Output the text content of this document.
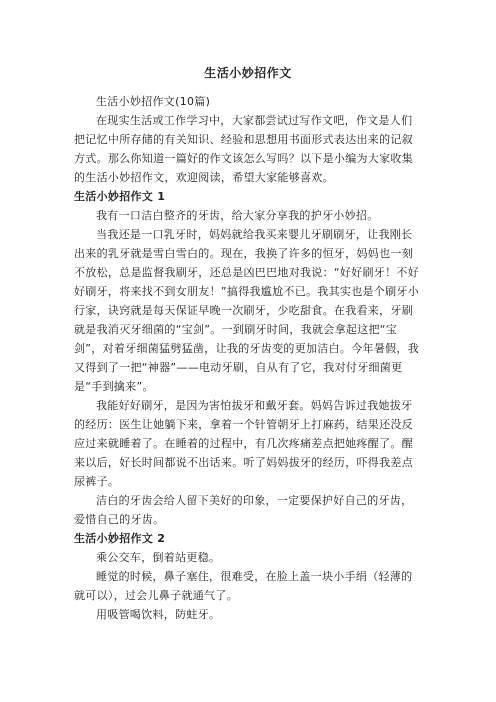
生活小妙招作文

生活小妙招作文(10篇)

在现实生活或工作学习中，大家都尝试过写作文吧，作文是人们把记忆中所存储的有关知识、经验和思想用书面形式表达出来的记叙方式。那么你知道一篇好的作文该怎么写吗？以下是小编为大家收集的生活小妙招作文，欢迎阅读，希望大家能够喜欢。

生活小妙招作文 1

我有一口洁白整齐的牙齿，给大家分享我的护牙小妙招。

当我还是一口乳牙时，妈妈就给我买来婴儿牙刷刷牙，让我刚长出来的乳牙就是雪白雪白的。现在，我换了许多的恒牙，妈妈也一刻不放松，总是监督我刷牙，还总是凶巴巴地对我说：“好好刷牙！不好好刷牙，将来找不到女朋友！”搞得我尴尬不已。我其实也是个刷牙小行家，诀窍就是每天保证早晚一次刷牙，少吃甜食。在我看来，牙刷就是我消灭牙细菌的“宝剑”。一到刷牙时间，我就会拿起这把“宝剑”，对着牙细菌猛劈猛凿，让我的牙齿变的更加洁白。今年暑假，我又得到了一把“神器”——电动牙刷，自从有了它，我对付牙细菌更是“手到擒来”。

我能好好刷牙，是因为害怕拔牙和戴牙套。妈妈告诉过我她拔牙的经历：医生让她躺下来，拿着一个针管朝牙上打麻药，结果还没反应过来就睡着了。在睡着的过程中，有几次疼痛差点把她疼醒了。醒来以后，好长时间都说不出话来。听了妈妈拔牙的经历，吓得我差点尿裤子。

洁白的牙齿会给人留下美好的印象，一定要保护好自己的牙齿，爱惜自己的牙齿。

生活小妙招作文 2

乘公交车，倒着站更稳。

睡觉的时候，鼻子塞住，很难受，在脸上盖一块小手绢（轻薄的就可以），过会儿鼻子就通气了。

用吸管喝饮料，防蛀牙。
